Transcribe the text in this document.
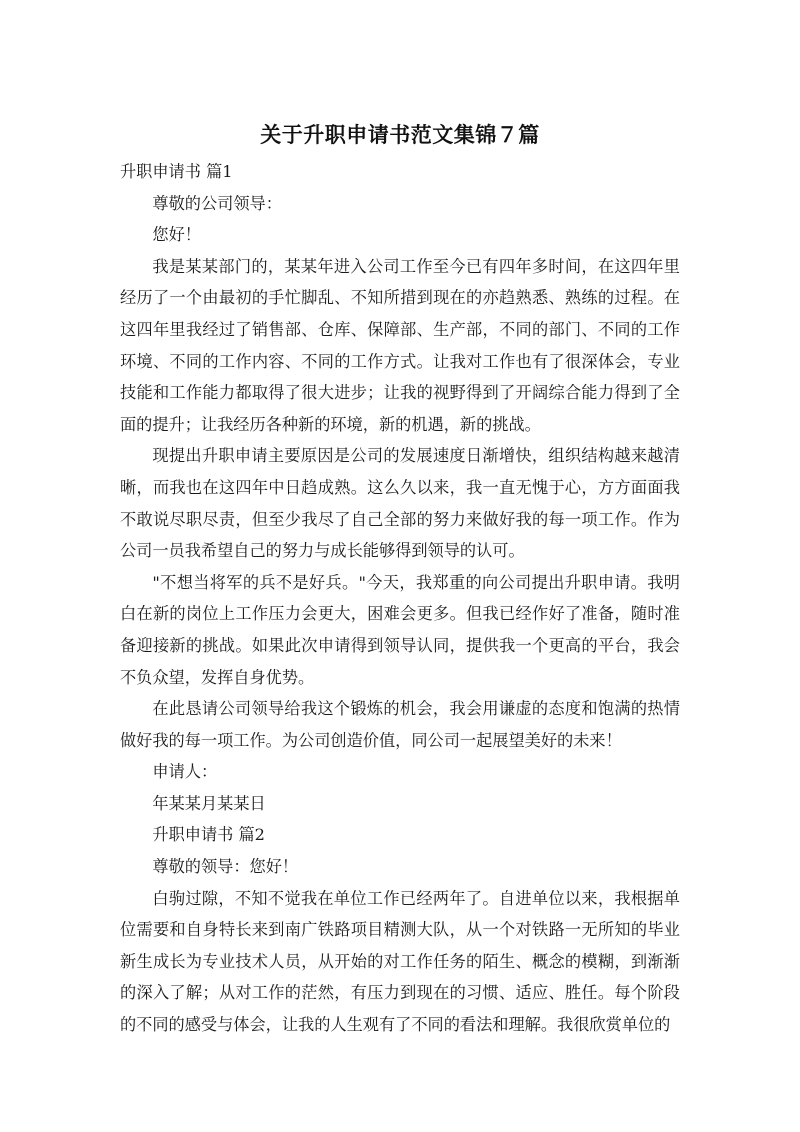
关于升职申请书范文集锦７篇

升职申请书 篇1

尊敬的公司领导：

您好！

我是某某部门的，某某年进入公司工作至今已有四年多时间，在这四年里经历了一个由最初的手忙脚乱、不知所措到现在的亦趋熟悉、熟练的过程。在这四年里我经过了销售部、仓库、保障部、生产部，不同的部门、不同的工作环境、不同的工作内容、不同的工作方式。让我对工作也有了很深体会，专业技能和工作能力都取得了很大进步；让我的视野得到了开阔综合能力得到了全面的提升；让我经历各种新的环境，新的机遇，新的挑战。

现提出升职申请主要原因是公司的发展速度日渐增快，组织结构越来越清晰，而我也在这四年中日趋成熟。这么久以来，我一直无愧于心，方方面面我不敢说尽职尽责，但至少我尽了自己全部的努力来做好我的每一项工作。作为公司一员我希望自己的努力与成长能够得到领导的认可。

"不想当将军的兵不是好兵。"今天，我郑重的向公司提出升职申请。我明白在新的岗位上工作压力会更大，困难会更多。但我已经作好了准备，随时准备迎接新的挑战。如果此次申请得到领导认同，提供我一个更高的平台，我会不负众望，发挥自身优势。

在此恳请公司领导给我这个锻炼的机会，我会用谦虚的态度和饱满的热情做好我的每一项工作。为公司创造价值，同公司一起展望美好的未来！

申请人：

年某某月某某日

升职申请书 篇2

尊敬的领导：您好！

白驹过隙，不知不觉我在单位工作已经两年了。自进单位以来，我根据单位需要和自身特长来到南广铁路项目精测大队，从一个对铁路一无所知的毕业新生成长为专业技术人员，从开始的对工作任务的陌生、概念的模糊，到渐渐的深入了解；从对工作的茫然，有压力到现在的习惯、适应、胜任。每个阶段的不同的感受与体会，让我的人生观有了不同的看法和理解。我很欣赏单位的
